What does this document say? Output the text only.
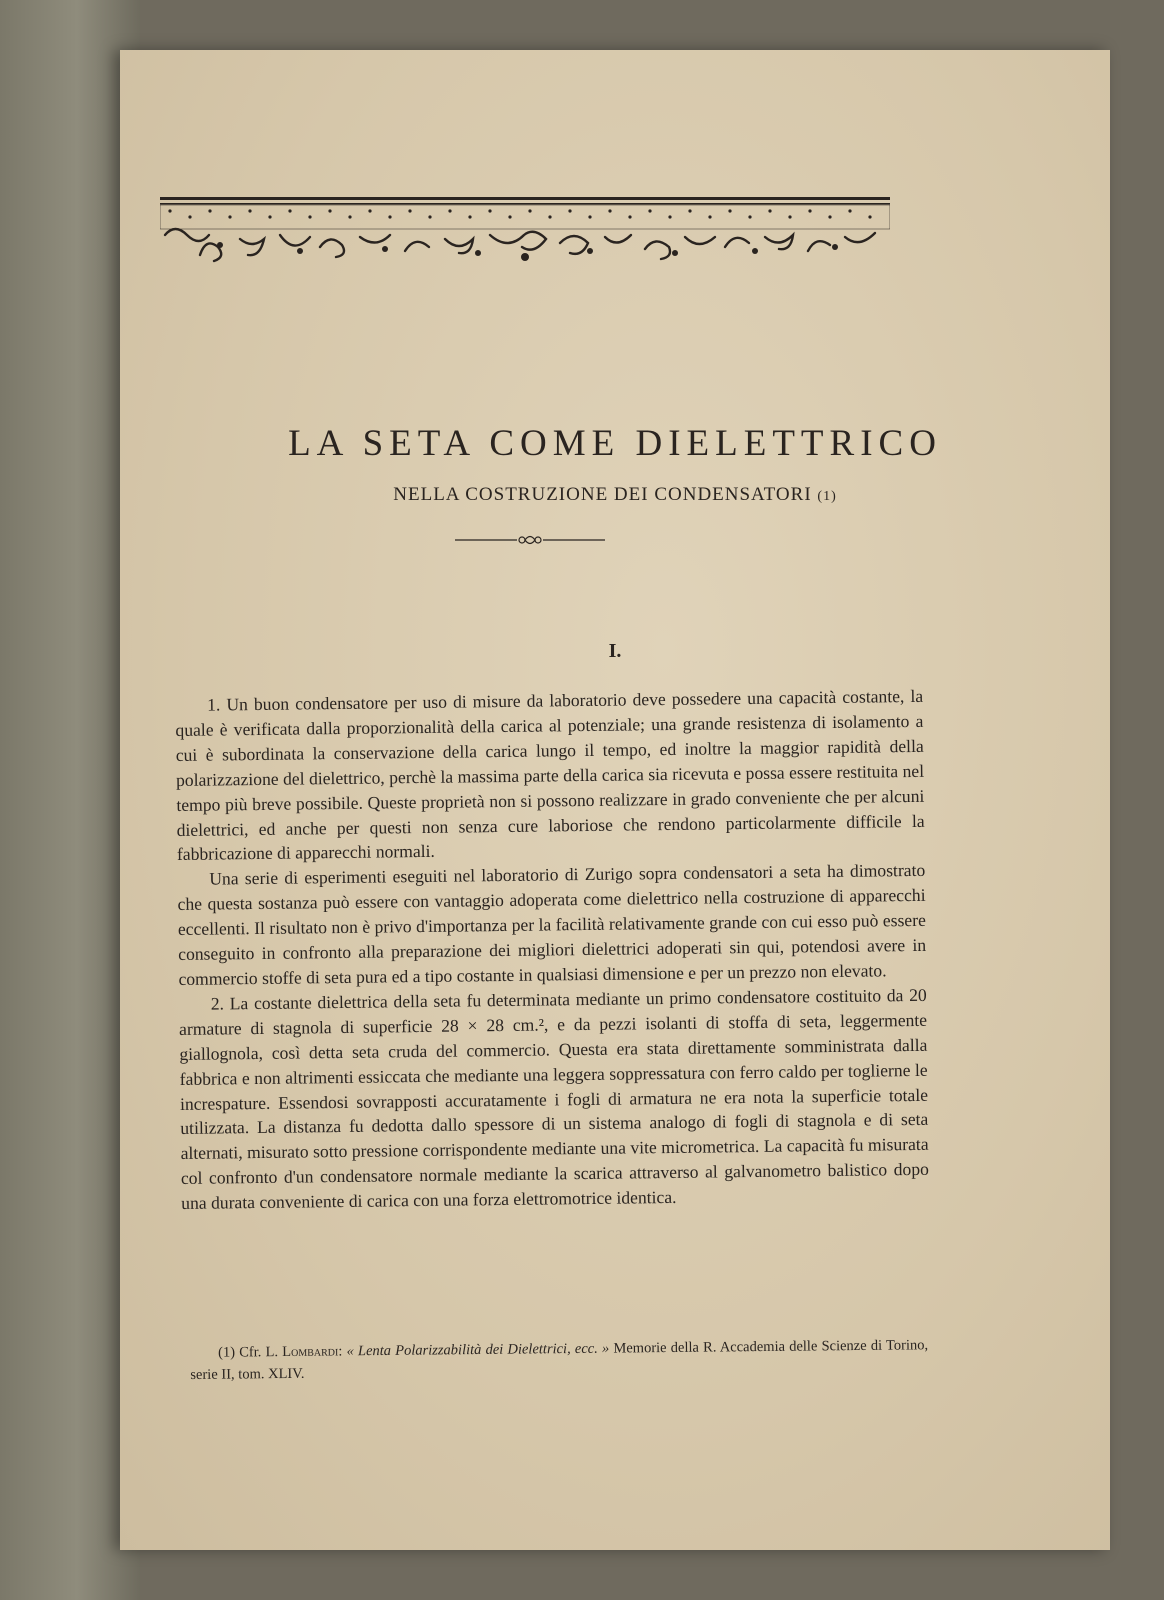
LA SETA COME DIELETTRICO
NELLA COSTRUZIONE DEI CONDENSATORI (1)
I.

1. Un buon condensatore per uso di misure da laboratorio deve possedere una capacità costante, la quale è verificata dalla proporzionalità della carica al potenziale; una grande resistenza di isolamento a cui è subordinata la conservazione della carica lungo il tempo, ed inoltre la maggior rapidità della polarizzazione del dielettrico, perchè la massima parte della carica sia ricevuta e possa essere restituita nel tempo più breve possibile. Queste proprietà non si possono realizzare in grado conveniente che per alcuni dielettrici, ed anche per questi non senza cure laboriose che rendono particolarmente difficile la fabbricazione di apparecchi normali.

Una serie di esperimenti eseguiti nel laboratorio di Zurigo sopra condensatori a seta ha dimostrato che questa sostanza può essere con vantaggio adoperata come dielettrico nella costruzione di apparecchi eccellenti. Il risultato non è privo d'importanza per la facilità relativamente grande con cui esso può essere conseguito in confronto alla preparazione dei migliori dielettrici adoperati sin qui, potendosi avere in commercio stoffe di seta pura ed a tipo costante in qualsiasi dimensione e per un prezzo non elevato.

2. La costante dielettrica della seta fu determinata mediante un primo condensatore costituito da 20 armature di stagnola di superficie 28 × 28 cm.², e da pezzi isolanti di stoffa di seta, leggermente giallognola, così detta seta cruda del commercio. Questa era stata direttamente somministrata dalla fabbrica e non altrimenti essiccata che mediante una leggera soppressatura con ferro caldo per toglierne le increspature. Essendosi sovrapposti accuratamente i fogli di armatura ne era nota la superficie totale utilizzata. La distanza fu dedotta dallo spessore di un sistema analogo di fogli di stagnola e di seta alternati, misurato sotto pressione corrispondente mediante una vite micrometrica. La capacità fu misurata col confronto d'un condensatore normale mediante la scarica attraverso al galvanometro balistico dopo una durata conveniente di carica con una forza elettromotrice identica.

(1) Cfr. L. Lombardi: « Lenta Polarizzabilità dei Dielettrici, ecc. » Memorie della R. Accademia delle Scienze di Torino, serie II, tom. XLIV.
